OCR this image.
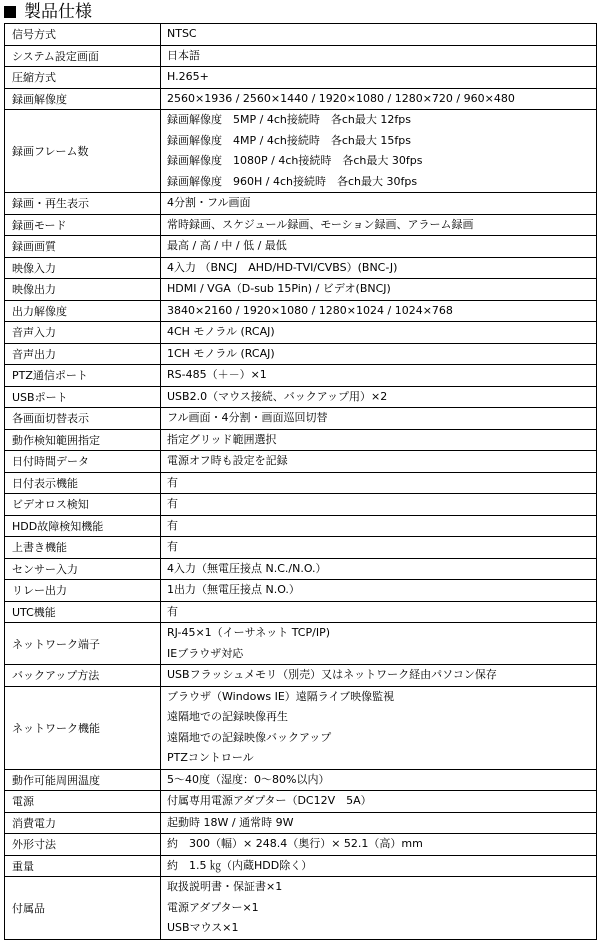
製品仕様
信号方式	NTSC

システム設定画面	日本語

圧縮方式	H.265+

録画解像度	2560×1936 / 2560×1440 / 1920×1080 / 1280×720 / 960×480

録画フレーム数	録画解像度　5MP / 4ch接続時　各ch最大 12fps
録画解像度　4MP / 4ch接続時　各ch最大 15fps
録画解像度　1080P / 4ch接続時　各ch最大 30fps
録画解像度　960H / 4ch接続時　各ch最大 30fps

録画・再生表示	4分割・フル画面

録画モード	常時録画、スケジュール録画、モーション録画、アラーム録画

録画画質	最高 / 高 / 中 / 低 / 最低

映像入力	4入力 （BNCJ　AHD/HD-TVI/CVBS）(BNC-J)

映像出力	HDMI / VGA（D-sub 15Pin) / ビデオ(BNCJ)

出力解像度	3840×2160 / 1920×1080 / 1280×1024 / 1024×768

音声入力	4CH モノラル (RCAJ)

音声出力	1CH モノラル (RCAJ)

PTZ通信ポート	RS-485（＋－）×1

USBポート	USB2.0（マウス接続、バックアップ用）×2

各画面切替表示	フル画面・4分割・画面巡回切替

動作検知範囲指定	指定グリッド範囲選択

日付時間データ	電源オフ時も設定を記録

日付表示機能	有

ビデオロス検知	有

HDD故障検知機能	有

上書き機能	有

センサー入力	4入力（無電圧接点 N.C./N.O.）

リレー出力	1出力（無電圧接点 N.O.）

UTC機能	有

ネットワーク端子	RJ-45×1（イーサネット TCP/IP)
IEブラウザ対応

バックアップ方法	USBフラッシュメモリ（別売）又はネットワーク経由パソコン保存

ネットワーク機能	ブラウザ（Windows IE）遠隔ライブ映像監視
遠隔地での記録映像再生
遠隔地での記録映像バックアップ
PTZコントロール

動作可能周囲温度	5～40度（湿度：0～80%以内）

電源	付属専用電源アダプター（DC12V　5A）

消費電力	起動時 18W / 通常時 9W

外形寸法	約　300（幅）× 248.4（奥行）× 52.1（高）mm

重量	約　1.5 ㎏（内蔵HDD除く）

付属品	取扱説明書・保証書×1
電源アダプター×1
USBマウス×1
